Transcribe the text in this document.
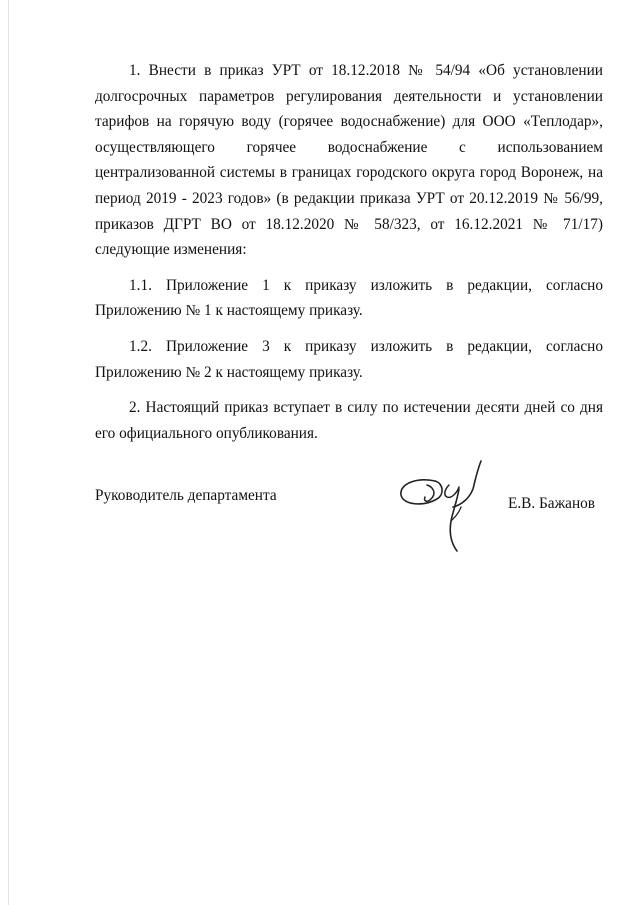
1. Внести в приказ УРТ от 18.12.2018 № 54/94 «Об установлении долгосрочных параметров регулирования деятельности и установлении тарифов на горячую воду (горячее водоснабжение) для ООО «Теплодар», осуществляющего горячее водоснабжение с использованием централизованной системы в границах городского округа город Воронеж, на период 2019 - 2023 годов» (в редакции приказа УРТ от 20.12.2019 № 56/99, приказов ДГРТ ВО от 18.12.2020 № 58/323, от 16.12.2021 № 71/17) следующие изменения:

1.1. Приложение 1 к приказу изложить в редакции, согласно Приложению № 1 к настоящему приказу.

1.2. Приложение 3 к приказу изложить в редакции, согласно Приложению № 2 к настоящему приказу.

2. Настоящий приказ вступает в силу по истечении десяти дней со дня его официального опубликования.

Руководитель департамента	Е.В. Бажанов
